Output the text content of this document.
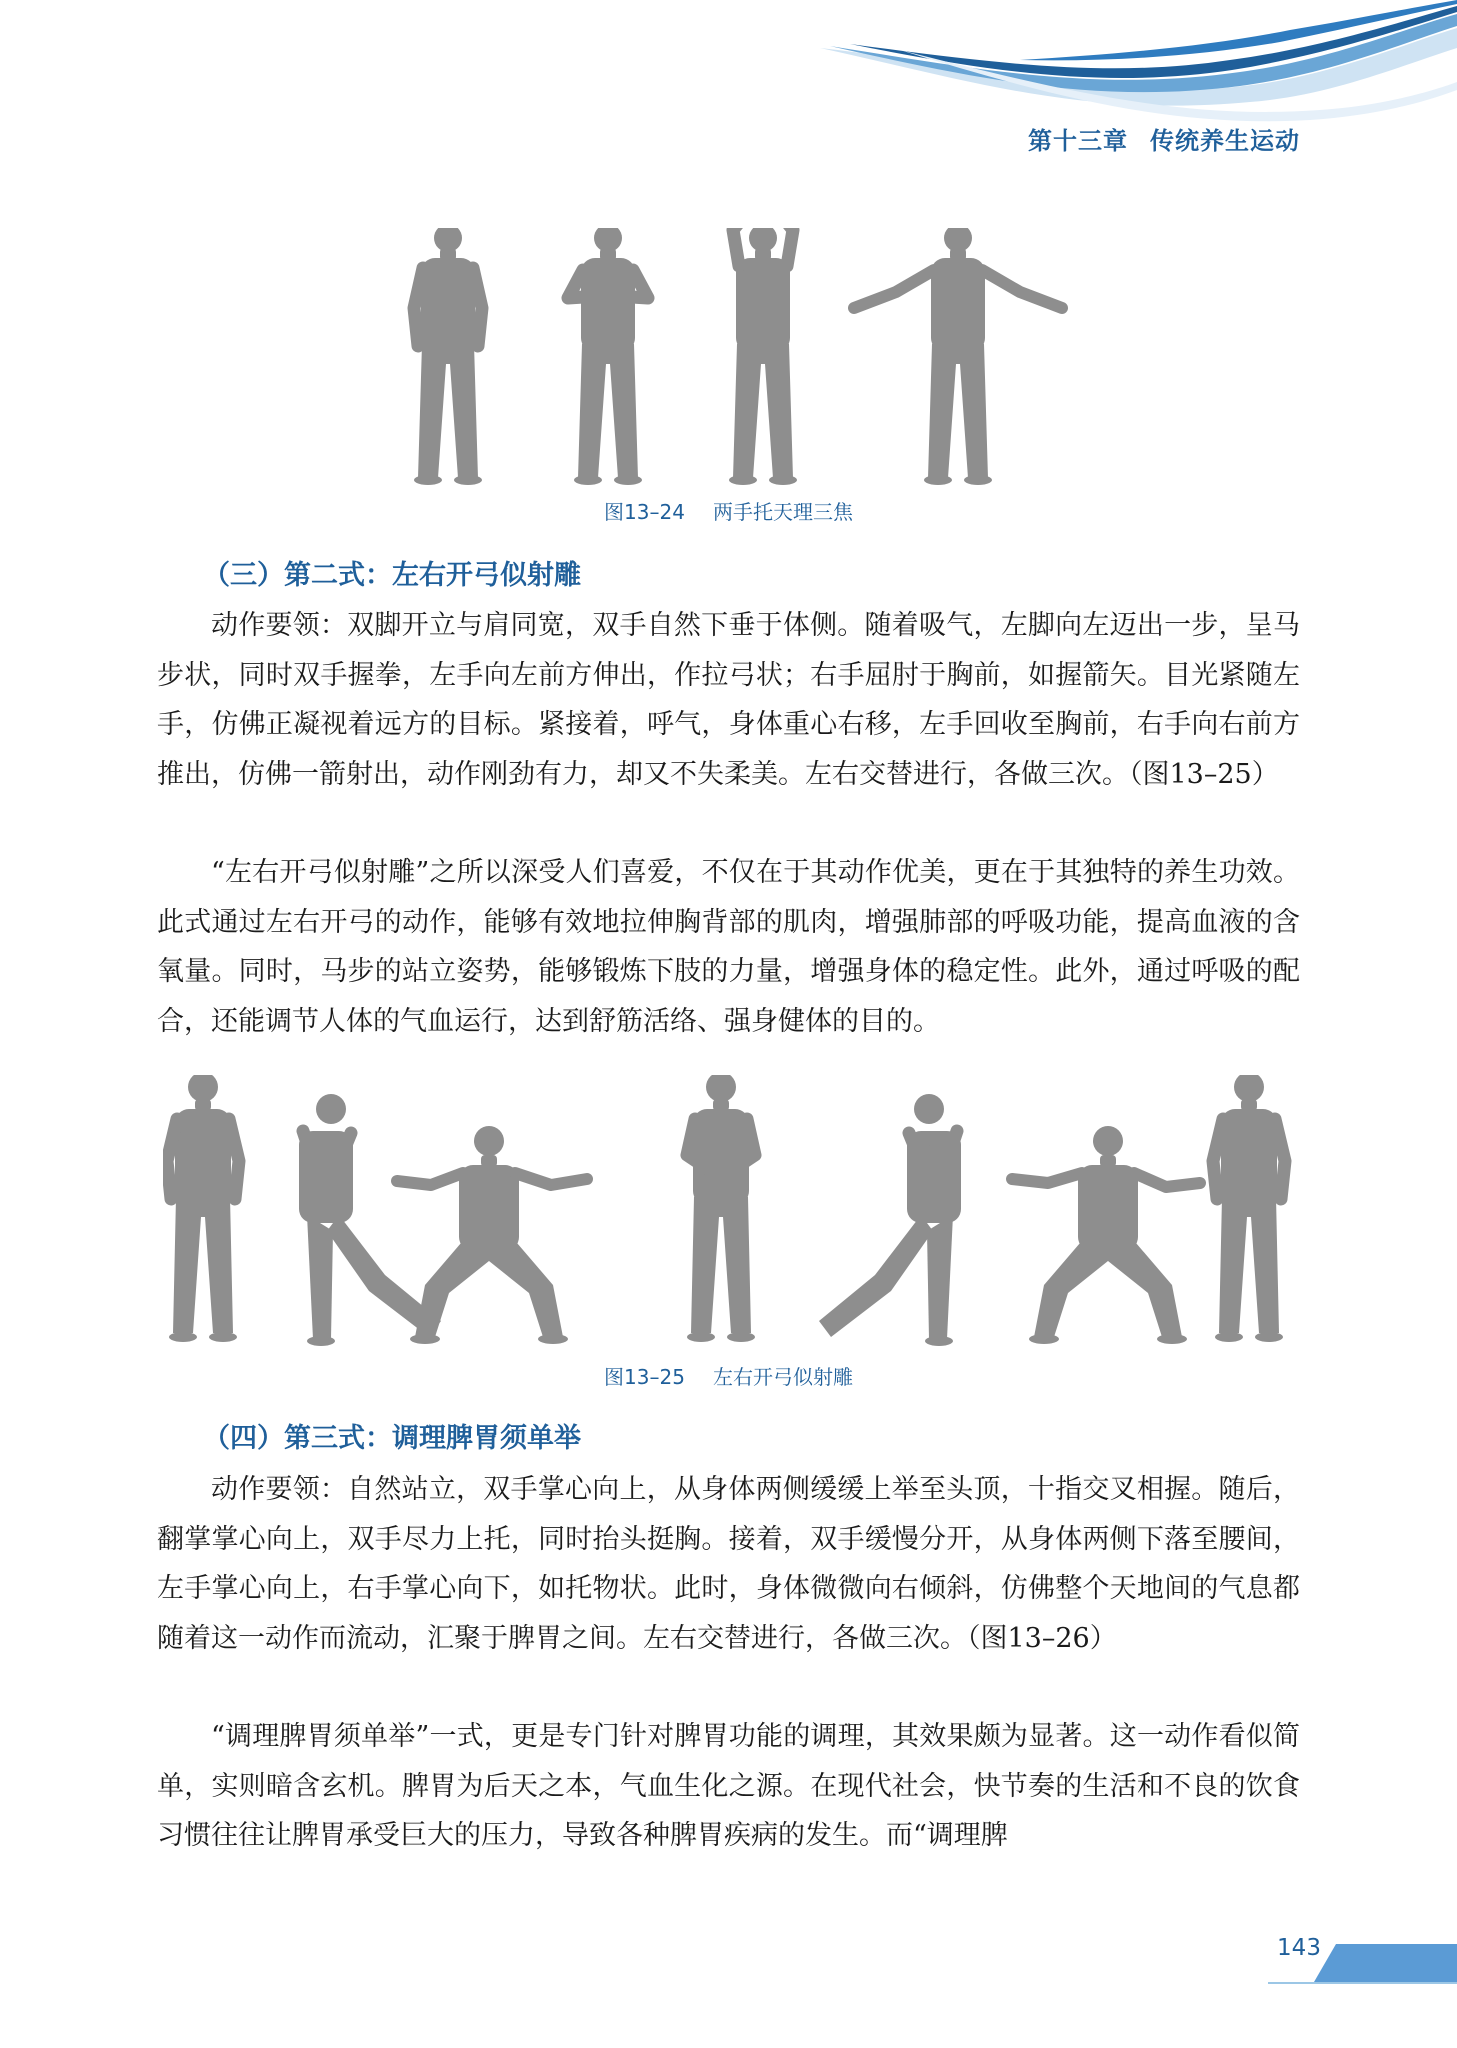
第十三章 传统养生运动
图13–24 两手托天理三焦
（三）第二式：左右开弓似射雕

动作要领：双脚开立与肩同宽，双手自然下垂于体侧。随着吸气，左脚向左迈出一步，呈马步状，同时双手握拳，左手向左前方伸出，作拉弓状；右手屈肘于胸前，如握箭矢。目光紧随左手，仿佛正凝视着远方的目标。紧接着，呼气，身体重心右移，左手回收至胸前，右手向右前方推出，仿佛一箭射出，动作刚劲有力，却又不失柔美。左右交替进行，各做三次。（图13–25）

“左右开弓似射雕”之所以深受人们喜爱，不仅在于其动作优美，更在于其独特的养生功效。此式通过左右开弓的动作，能够有效地拉伸胸背部的肌肉，增强肺部的呼吸功能，提高血液的含氧量。同时，马步的站立姿势，能够锻炼下肢的力量，增强身体的稳定性。此外，通过呼吸的配合，还能调节人体的气血运行，达到舒筋活络、强身健体的目的。

图13–25 左右开弓似射雕
（四）第三式：调理脾胃须单举

动作要领：自然站立，双手掌心向上，从身体两侧缓缓上举至头顶，十指交叉相握。随后，翻掌掌心向上，双手尽力上托，同时抬头挺胸。接着，双手缓慢分开，从身体两侧下落至腰间，左手掌心向上，右手掌心向下，如托物状。此时，身体微微向右倾斜，仿佛整个天地间的气息都随着这一动作而流动，汇聚于脾胃之间。左右交替进行，各做三次。（图13–26）

“调理脾胃须单举”一式，更是专门针对脾胃功能的调理，其效果颇为显著。这一动作看似简单，实则暗含玄机。脾胃为后天之本，气血生化之源。在现代社会，快节奏的生活和不良的饮食习惯往往让脾胃承受巨大的压力，导致各种脾胃疾病的发生。而“调理脾

143
